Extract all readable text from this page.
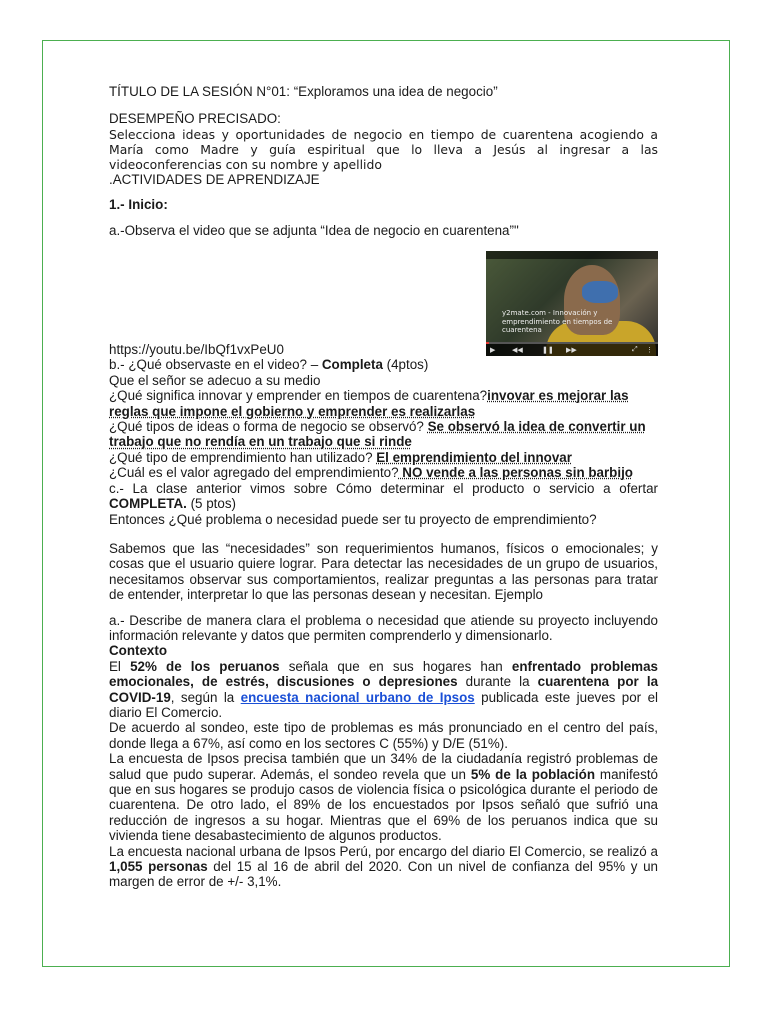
y2mate.com - Innovación y emprendimiento en tiempos de cuarentena
▶ ◀◀	❚❚ ▶▶	⤢ ⋮

TÍTULO DE LA SESIÓN N°01: “Exploramos una idea de negocio”

DESEMPEÑO PRECISADO:

Selecciona ideas y oportunidades de negocio en tiempo de cuarentena acogiendo a María como Madre y guía espiritual que lo lleva a Jesús al ingresar a las videoconferencias con su nombre y apellido

.ACTIVIDADES DE APRENDIZAJE

1.- Inicio:

a.-Observa el video que se adjunta “Idea de negocio en cuarentena”"

https://youtu.be/IbQf1vxPeU0

b.- ¿Qué observaste en el video? – Completa (4ptos)

Que el señor se adecuo a su medio

¿Qué significa innovar y emprender en tiempos de cuarentena?invovar es mejorar las reglas que impone el gobierno y emprender es realizarlas

¿Qué tipos de ideas o forma de negocio se observó? Se observó la idea de convertir un trabajo que no rendía en un trabajo que si rinde

¿Qué tipo de emprendimiento han utilizado? El emprendimiento del innovar

¿Cuál es el valor agregado del emprendimiento? NO vende a las personas sin barbijo

c.- La clase anterior vimos sobre Cómo determinar el producto o servicio a ofertar COMPLETA. (5 ptos)

Entonces ¿Qué problema o necesidad puede ser tu proyecto de emprendimiento?

Sabemos que las “necesidades” son requerimientos humanos, físicos o emocionales; y cosas que el usuario quiere lograr. Para detectar las necesidades de un grupo de usuarios, necesitamos observar sus comportamientos, realizar preguntas a las personas para tratar de entender, interpretar lo que las personas desean y necesitan. Ejemplo

a.- Describe de manera clara el problema o necesidad que atiende su proyecto incluyendo información relevante y datos que permiten comprenderlo y dimensionarlo.

Contexto

El 52% de los peruanos señala que en sus hogares han enfrentado problemas emocionales, de estrés, discusiones o depresiones durante la cuarentena por la COVID-19, según la encuesta nacional urbano de Ipsos publicada este jueves por el diario El Comercio.

De acuerdo al sondeo, este tipo de problemas es más pronunciado en el centro del país, donde llega a 67%, así como en los sectores C (55%) y D/E (51%).

La encuesta de Ipsos precisa también que un 34% de la ciudadanía registró problemas de salud que pudo superar. Además, el sondeo revela que un 5% de la población manifestó que en sus hogares se produjo casos de violencia física o psicológica durante el periodo de cuarentena. De otro lado, el 89% de los encuestados por Ipsos señaló que sufrió una reducción de ingresos a su hogar. Mientras que el 69% de los peruanos indica que su vivienda tiene desabastecimiento de algunos productos.

La encuesta nacional urbana de Ipsos Perú, por encargo del diario El Comercio, se realizó a 1,055 personas del 15 al 16 de abril del 2020. Con un nivel de confianza del 95% y un margen de error de +/- 3,1%.
